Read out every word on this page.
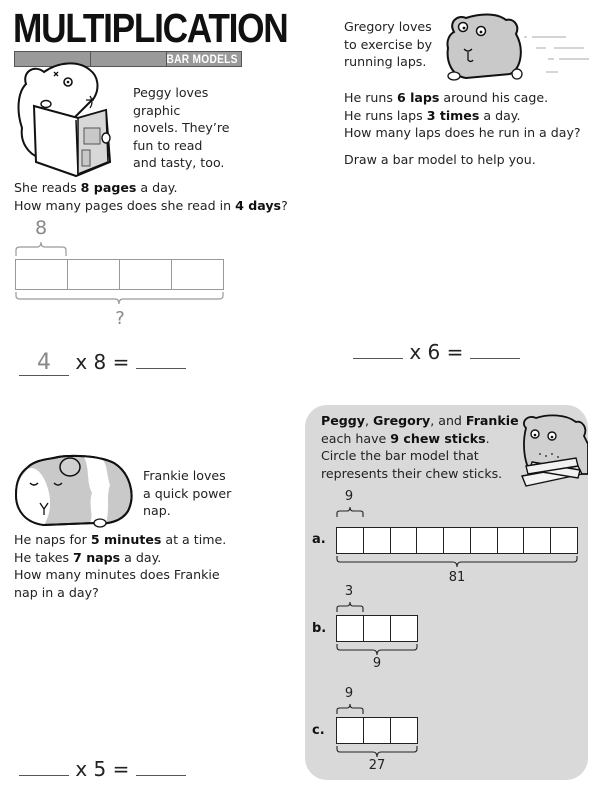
MULTIPLICATION
BAR MODELS
Peggy loves
graphic
novels. They’re
fun to read
and tasty, too.
She reads 8 pages a day.
How many pages does she read in 4 days?
8
?
4 x 8 =
Gregory loves
to exercise by
running laps.
He runs 6 laps around his cage.
He runs laps 3 times a day.
How many laps does he run in a day?
Draw a bar model to help you.
x 6 =
Frankie loves
a quick power
nap.
He naps for 5 minutes at a time.
He takes 7 naps a day.
How many minutes does Frankie
nap in a day?
x 5 =
Peggy, Gregory, and Frankie
each have 9 chew sticks.
Circle the bar model that
represents their chew sticks.
9
a.
81
3
b.
9
9
c.
27
